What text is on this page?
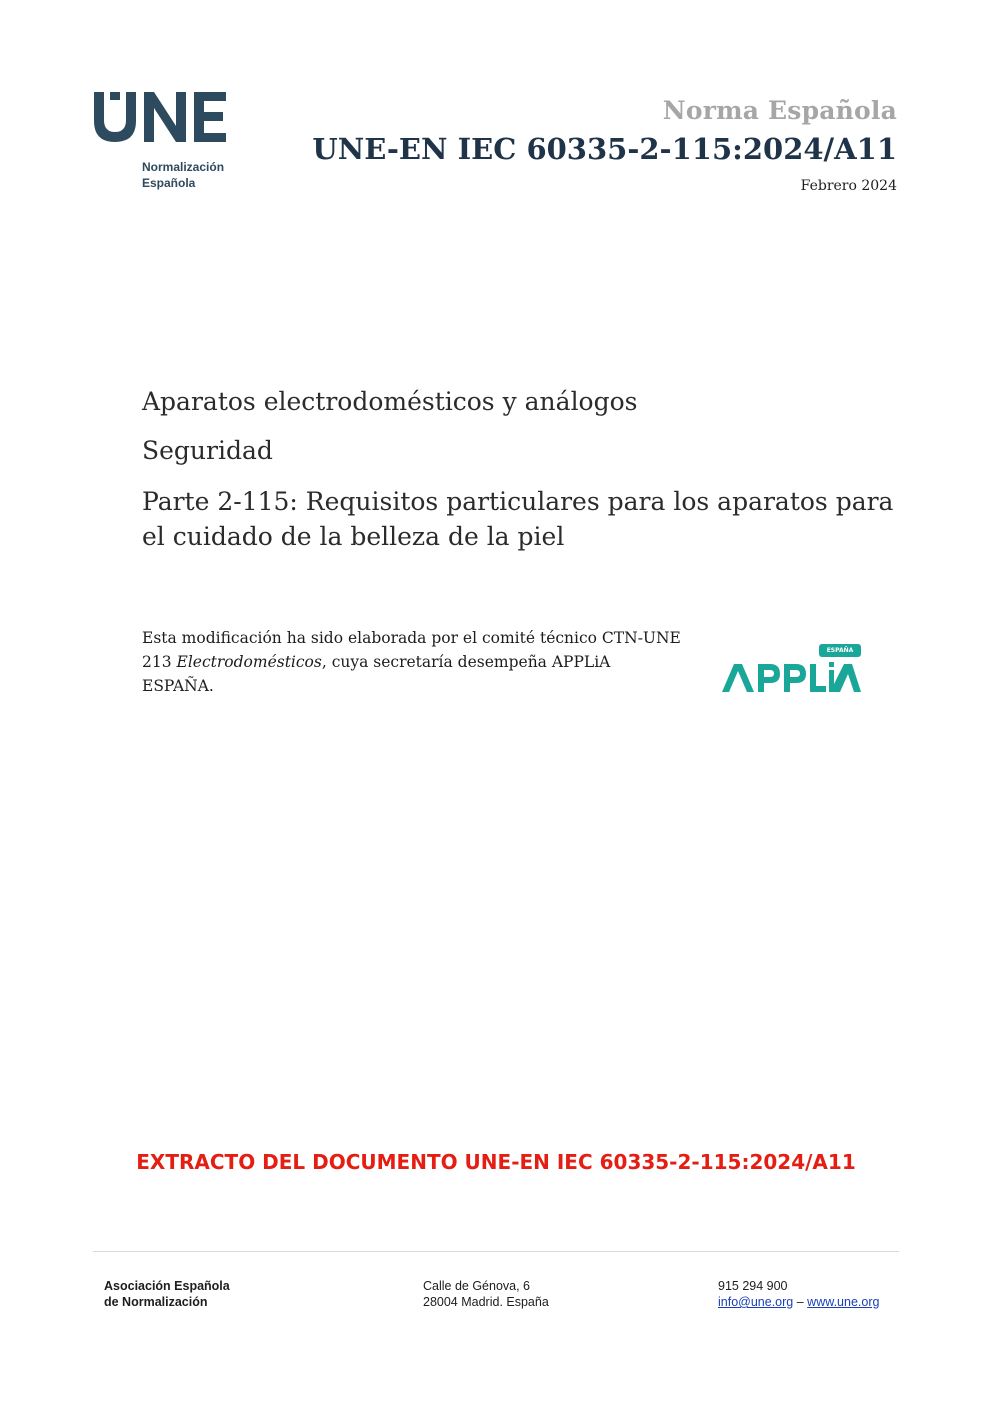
Normalización
Española
Norma Española
UNE-EN IEC 60335-2-115:2024/A11
Febrero 2024
Aparatos electrodomésticos y análogos
Seguridad
Parte 2-115: Requisitos particulares para los aparatos para el cuidado de la belleza de la piel
Esta modificación ha sido elaborada por el comité técnico CTN-UNE 213 Electrodomésticos, cuya secretaría desempeña APPLiA ESPAÑA.
ESPAÑA
EXTRACTO DEL DOCUMENTO UNE-EN IEC 60335-2-115:2024/A11
Asociación Española
de Normalización
Calle de Génova, 6
28004 Madrid. España
915 294 900
info@une.org – www.une.org
